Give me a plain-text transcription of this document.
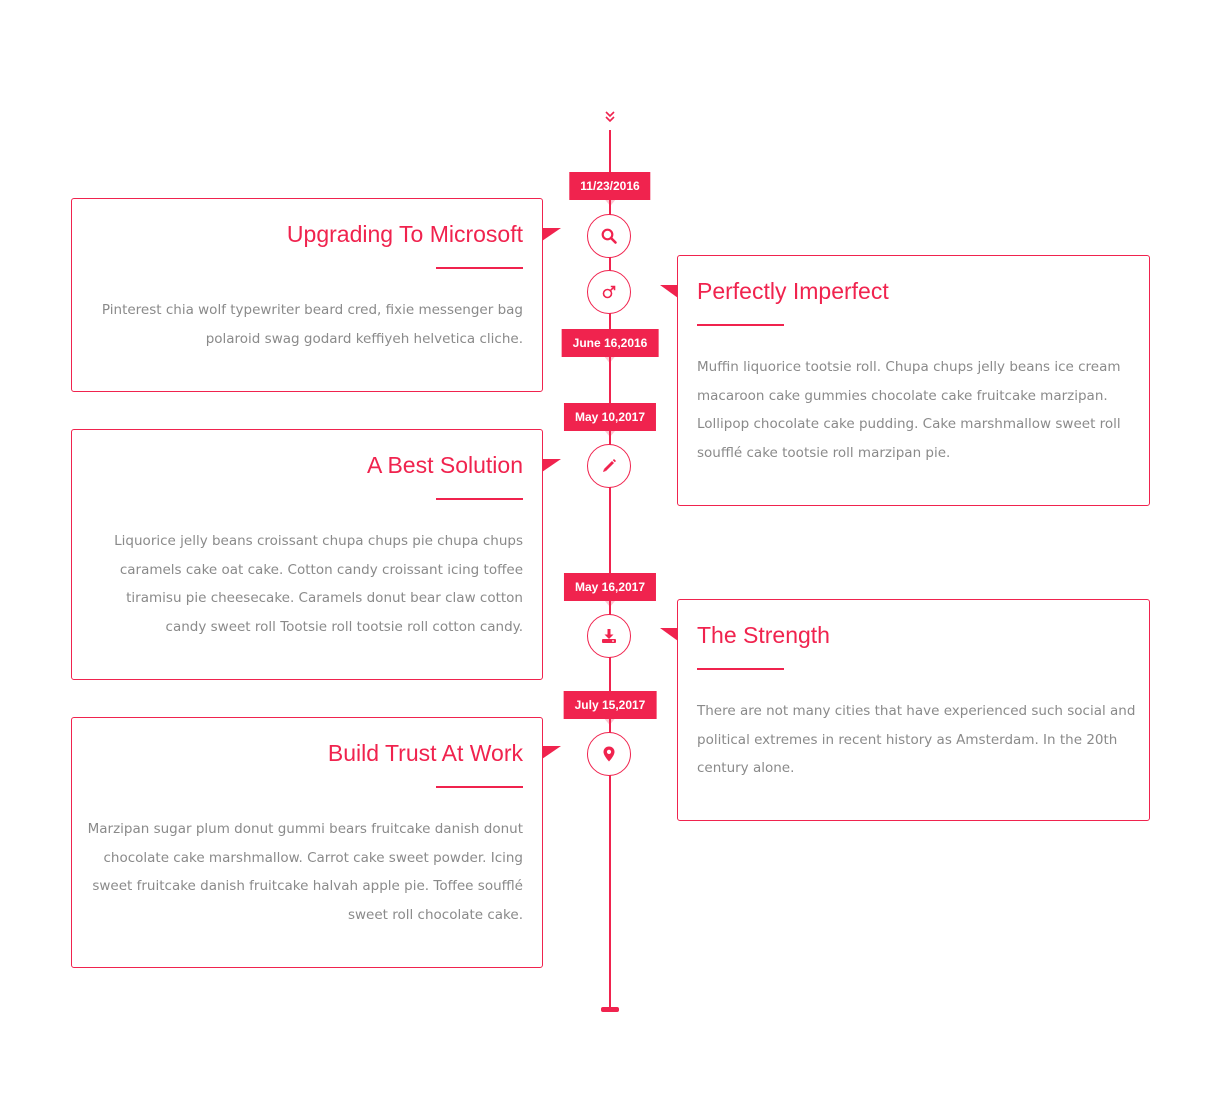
11/23/2016
June 16,2016
May 10,2017
May 16,2017
July 15,2017
Upgrading To Microsoft
Pinterest chia wolf typewriter beard cred, fixie messenger bag polaroid swag godard keffiyeh helvetica cliche.
Perfectly Imperfect
Muffin liquorice tootsie roll. Chupa chups jelly beans ice cream macaroon cake gummies chocolate cake fruitcake marzipan. Lollipop chocolate cake pudding. Cake marshmallow sweet roll soufflé cake tootsie roll marzipan pie.
A Best Solution
Liquorice jelly beans croissant chupa chups pie chupa chups caramels cake oat cake. Cotton candy croissant icing toffee tiramisu pie cheesecake. Caramels donut bear claw cotton candy sweet roll Tootsie roll tootsie roll cotton candy.	The Strength
There are not many cities that have experienced such social and political extremes in recent history as Amsterdam. In the 20th century alone.
Build Trust At Work
Marzipan sugar plum donut gummi bears fruitcake danish donut chocolate cake marshmallow. Carrot cake sweet powder. Icing sweet fruitcake danish fruitcake halvah apple pie. Toffee soufflé sweet roll chocolate cake.
